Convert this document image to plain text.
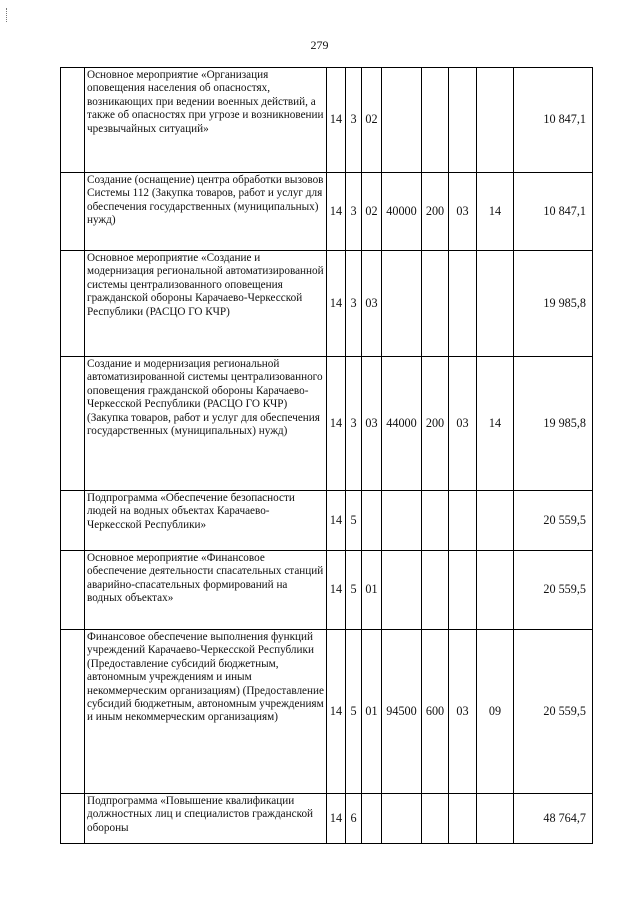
279
	Основное мероприятие «Организация оповещения населения об опасностях, возникающих при ведении военных действий, а также об опасностях при угрозе и возникновении чрезвычайных ситуаций»	14	3	02					10 847,1
	Создание (оснащение) центра обработки вызовов Системы 112 (Закупка товаров, работ и услуг для обеспечения государственных (муниципальных) нужд)	14	3	02	40000	200	03	14	10 847,1
	Основное мероприятие «Создание и модернизация региональной автоматизированной системы централизованного оповещения гражданской обороны Карачаево-Черкесской Республики (РАСЦО ГО КЧР)	14	3	03					19 985,8
	Создание и модернизация региональной автоматизированной системы централизованного оповещения гражданской обороны Карачаево-Черкесской Республики (РАСЦО ГО КЧР) (Закупка товаров, работ и услуг для обеспечения государственных (муниципальных) нужд)	14	3	03	44000	200	03	14	19 985,8
	Подпрограмма «Обеспечение безопасности людей на водных объектах Карачаево-Черкесской Республики»	14	5						20 559,5
	Основное мероприятие «Финансовое обеспечение деятельности спасательных станций аварийно-спасательных формирований на водных объектах»	14	5	01					20 559,5
	Финансовое обеспечение выполнения функций учреждений Карачаево-Черкесской Республики (Предоставление субсидий бюджетным, автономным учреждениям и иным некоммерческим организациям) (Предоставление субсидий бюджетным, автономным учреждениям и иным некоммерческим организациям)	14	5	01	94500	600	03	09	20 559,5
	Подпрограмма «Повышение квалификации должностных лиц и специалистов гражданской обороны	14	6						48 764,7
